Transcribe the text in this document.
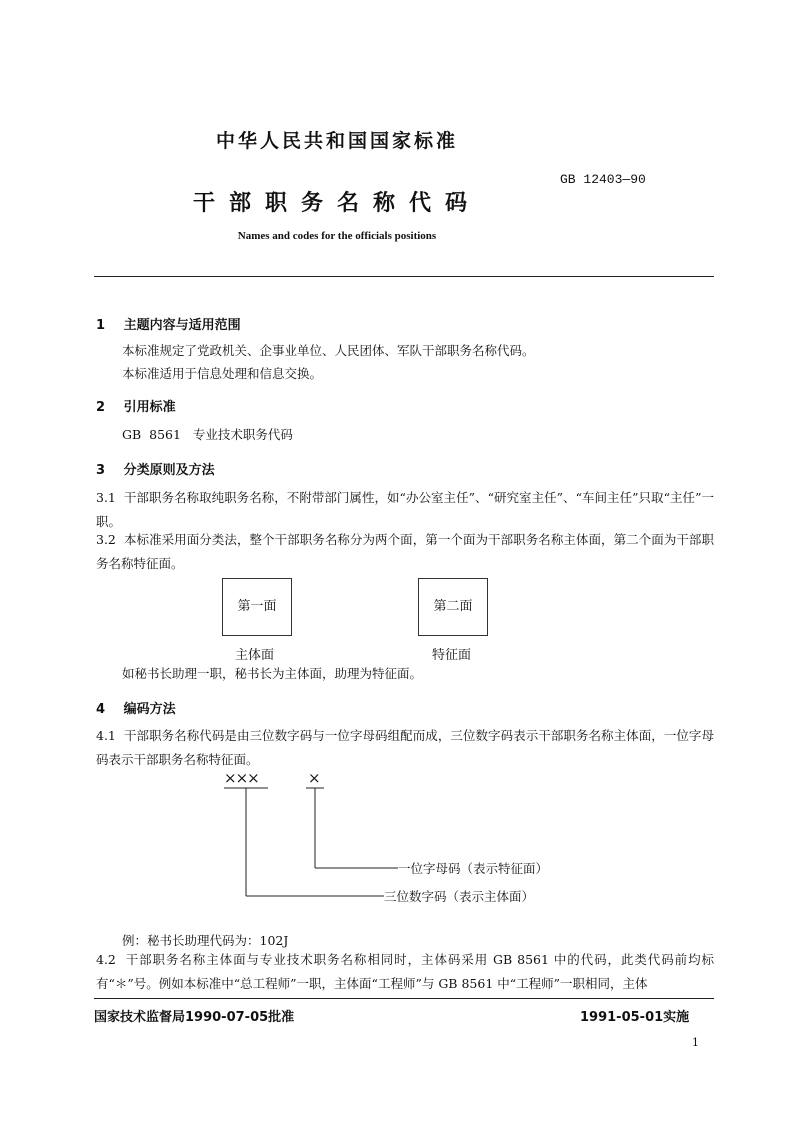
中华人民共和国国家标准
GB 12403—90
干部职务名称代码
Names and codes for the officials positions
1 主题内容与适用范围
本标准规定了党政机关、企事业单位、人民团体、军队干部职务名称代码。
本标准适用于信息处理和信息交换。
2 引用标准
GB  8561   专业技术职务代码
3 分类原则及方法

3.1 干部职务名称取纯职务名称，不附带部门属性，如“办公室主任”、“研究室主任”、“车间主任”只取“主任”一职。

3.2 本标准采用面分类法，整个干部职务名称分为两个面，第一个面为干部职务名称主体面，第二个面为干部职务名称特征面。

第一面	第二面
主体面	特征面
如秘书长助理一职，秘书长为主体面，助理为特征面。
4 编码方法

4.1 干部职务名称代码是由三位数字码与一位字母码组配而成，三位数字码表示干部职务名称主体面，一位字母码表示干部职务名称特征面。

×××	×
一位字母码（表示特征面）
三位数字码（表示主体面）
例：秘书长助理代码为：102J

4.2 干部职务名称主体面与专业技术职务名称相同时，主体码采用 GB 8561 中的代码，此类代码前均标有“＊”号。例如本标准中“总工程师”一职，主体面“工程师”与 GB 8561 中“工程师”一职相同，主体

国家技术监督局1990-07-05批准	1991-05-01实施
1
